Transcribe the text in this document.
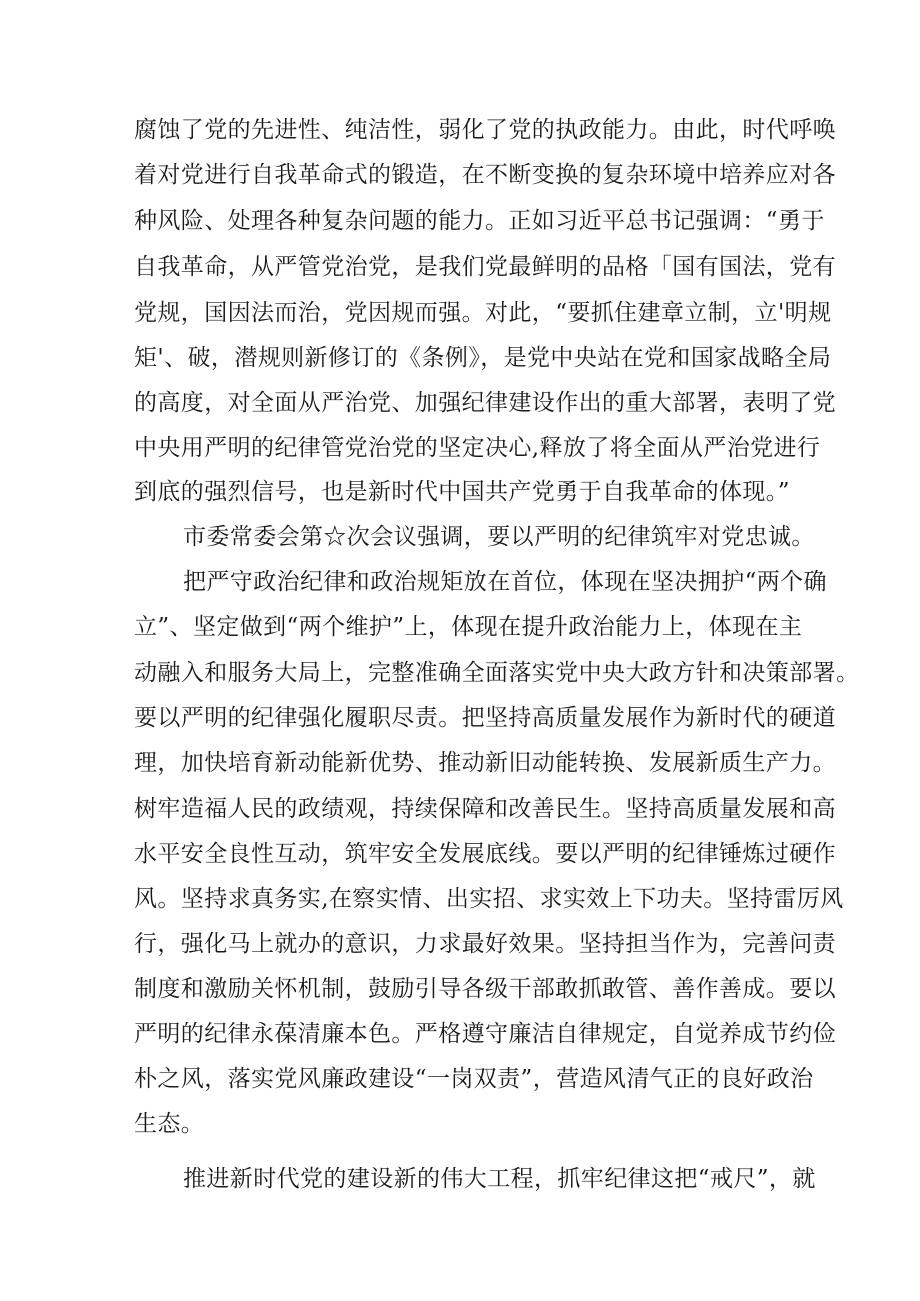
腐蚀了党的先进性、纯洁性，弱化了党的执政能力。由此，时代呼唤
着对党进行自我革命式的锻造，在不断变换的复杂环境中培养应对各
种风险、处理各种复杂问题的能力。正如习近平总书记强调：“勇于
自我革命，从严管党治党，是我们党最鲜明的品格「国有国法，党有
党规，国因法而治，党因规而强。对此，“要抓住建章立制，立'明规
矩'、破，潜规则新修订的《条例》，是党中央站在党和国家战略全局
的高度，对全面从严治党、加强纪律建设作出的重大部署，表明了党
中央用严明的纪律管党治党的坚定决心,释放了将全面从严治党进行
到底的强烈信号，也是新时代中国共产党勇于自我革命的体现。”
市委常委会第☆次会议强调，要以严明的纪律筑牢对党忠诚。
把严守政治纪律和政治规矩放在首位，体现在坚决拥护“两个确
立”、坚定做到“两个维护”上，体现在提升政治能力上，体现在主
动融入和服务大局上，完整准确全面落实党中央大政方针和决策部署。
要以严明的纪律强化履职尽责。把坚持高质量发展作为新时代的硬道
理，加快培育新动能新优势、推动新旧动能转换、发展新质生产力。
树牢造福人民的政绩观，持续保障和改善民生。坚持高质量发展和高
水平安全良性互动，筑牢安全发展底线。要以严明的纪律锤炼过硬作
风。坚持求真务实,在察实情、出实招、求实效上下功夫。坚持雷厉风
行，强化马上就办的意识，力求最好效果。坚持担当作为，完善问责
制度和激励关怀机制，鼓励引导各级干部敢抓敢管、善作善成。要以
严明的纪律永葆清廉本色。严格遵守廉洁自律规定，自觉养成节约俭
朴之风，落实党风廉政建设“一岗双责”，营造风清气正的良好政治
生态。
推进新时代党的建设新的伟大工程，抓牢纪律这把“戒尺”，就
